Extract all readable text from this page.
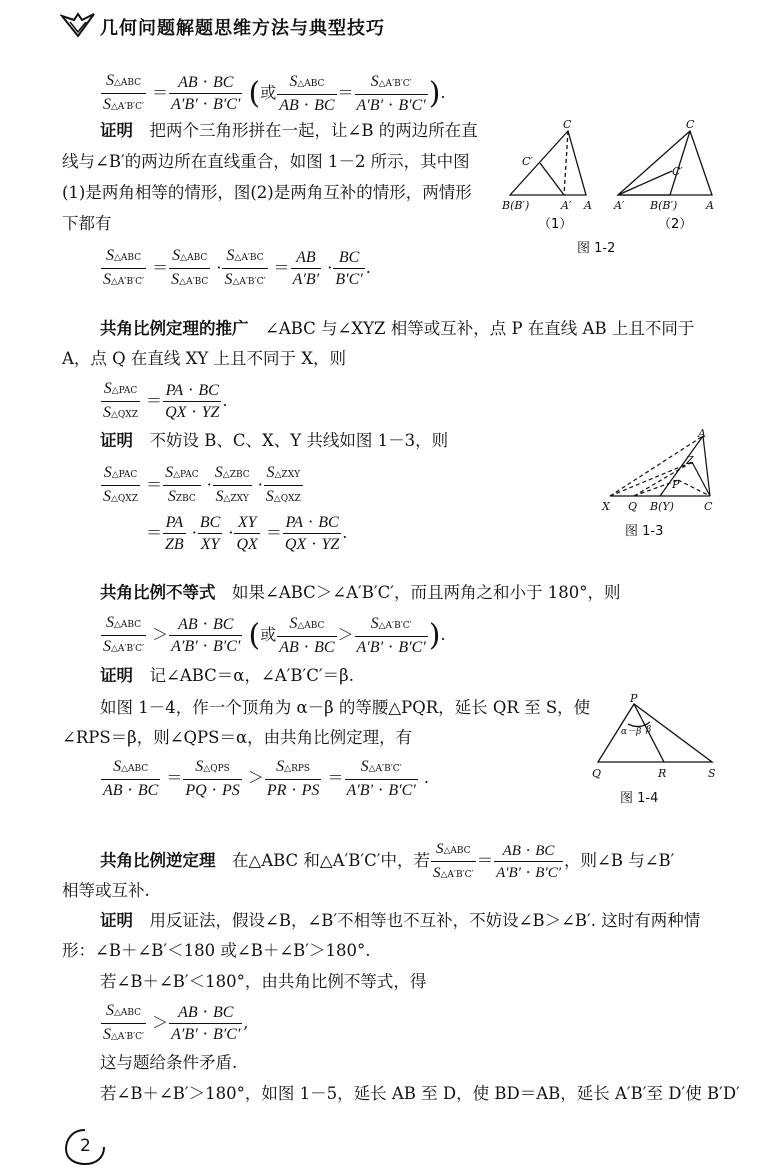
几何问题解题思维方法与典型技巧
$\frac{\text{S△ABC}}{S\triangle A'B'C'} = \frac{AB \cdot BC}{A'B' \cdot B'C'}$ (或 $\frac{\text{S△ABC}}{AB \cdot BC} = \frac{S\triangle A'B'C'}{A'B' \cdot B'C'}$ ).
证明　 把两个三角形拼在一起，让∠B 的两边所在直
线与∠B′的两边所在直线重合，如图 1－2 所示，其中图
(1)是两角相等的情形，图(2)是两角互补的情形，两情形
下都有
C
C′
B(B′)	A′ A
C
C′
A′ B(B′)	A
（1）	（2）
图 1-2
$\frac{\text{S△ABC}}{S\triangle A'B'C'} = \frac{\text{S△ABC}}{S\triangle A'BC} \cdot \frac{S\triangle A'BC}{S\triangle A'B'C'} = \frac{AB}{A'B'} \cdot \frac{BC}{B'C'}$ .
共角比例定理的推广　 ∠ABC 与∠XYZ 相等或互补，点 P 在直线 AB 上且不同于
A，点 Q 在直线 XY 上且不同于 X，则
$\frac{\text{S△PAC}}{\text{S△QXZ}} = \frac{PA \cdot BC}{QX \cdot YZ}$ .
证明　 不妨设 B、C、X、Y 共线如图 1－3，则	A
Z
P
X Q B(Y)	C
图 1-3
$\frac{\text{S△PAC}}{\text{S△QXZ}} = \frac{\text{S△PAC}}{\text{SZBC}} \cdot \frac{\text{S△ZBC}}{\text{S△ZXY}} \cdot \frac{\text{S△ZXY}}{\text{S△QXZ}}$
＝ $\frac{PA}{ZB} \cdot \frac{BC}{XY} \cdot \frac{XY}{QX} = \frac{PA \cdot BC}{QX \cdot YZ}$ .
共角比例不等式　 如果∠ABC＞∠A′B′C′，而且两角之和小于 180°，则
$\frac{\text{S△ABC}}{S\triangle A'B'C'} > \frac{AB \cdot BC}{A'B' \cdot B'C'}$ (或 $\frac{\text{S△ABC}}{AB \cdot BC} > \frac{S\triangle A'B'C'}{A'B' \cdot B'C'}$ ).
证明　 记∠ABC＝α，∠A′B′C′＝β.
如图 1－4，作一个顶角为 α－β 的等腰△PQR，延长 QR 至 S，使
∠RPS＝β，则∠QPS＝α，由共角比例定理，有
P
α－β β
Q	R	S
图 1-4
$\frac{\text{S△ABC}}{AB \cdot BC} = \frac{\text{S△QPS}}{PQ \cdot PS} > \frac{\text{S△RPS}}{PR \cdot PS} = \frac{S\triangle A'B'C'}{A'B' \cdot B'C'}$ .
共角比例逆定理　 在△ABC 和△A′B′C′中，若 $\frac{\text{S△ABC}}{S\triangle A'B'C'} = \frac{AB \cdot BC}{A'B' \cdot B'C'}$ ，则∠B 与∠B′
相等或互补.
证明　 用反证法，假设∠B，∠B′不相等也不互补，不妨设∠B＞∠B′. 这时有两种情
形：∠B＋∠B′＜180 或∠B＋∠B′＞180°.
若∠B＋∠B′＜180°，由共角比例不等式，得
$\frac{\text{S△ABC}}{S\triangle A'B'C'} > \frac{AB \cdot BC}{A'B' \cdot B'C'}$ ,
这与题给条件矛盾.
若∠B＋∠B′＞180°，如图 1－5，延长 AB 至 D，使 BD＝AB，延长 A′B′至 D′使 B′D′
2
